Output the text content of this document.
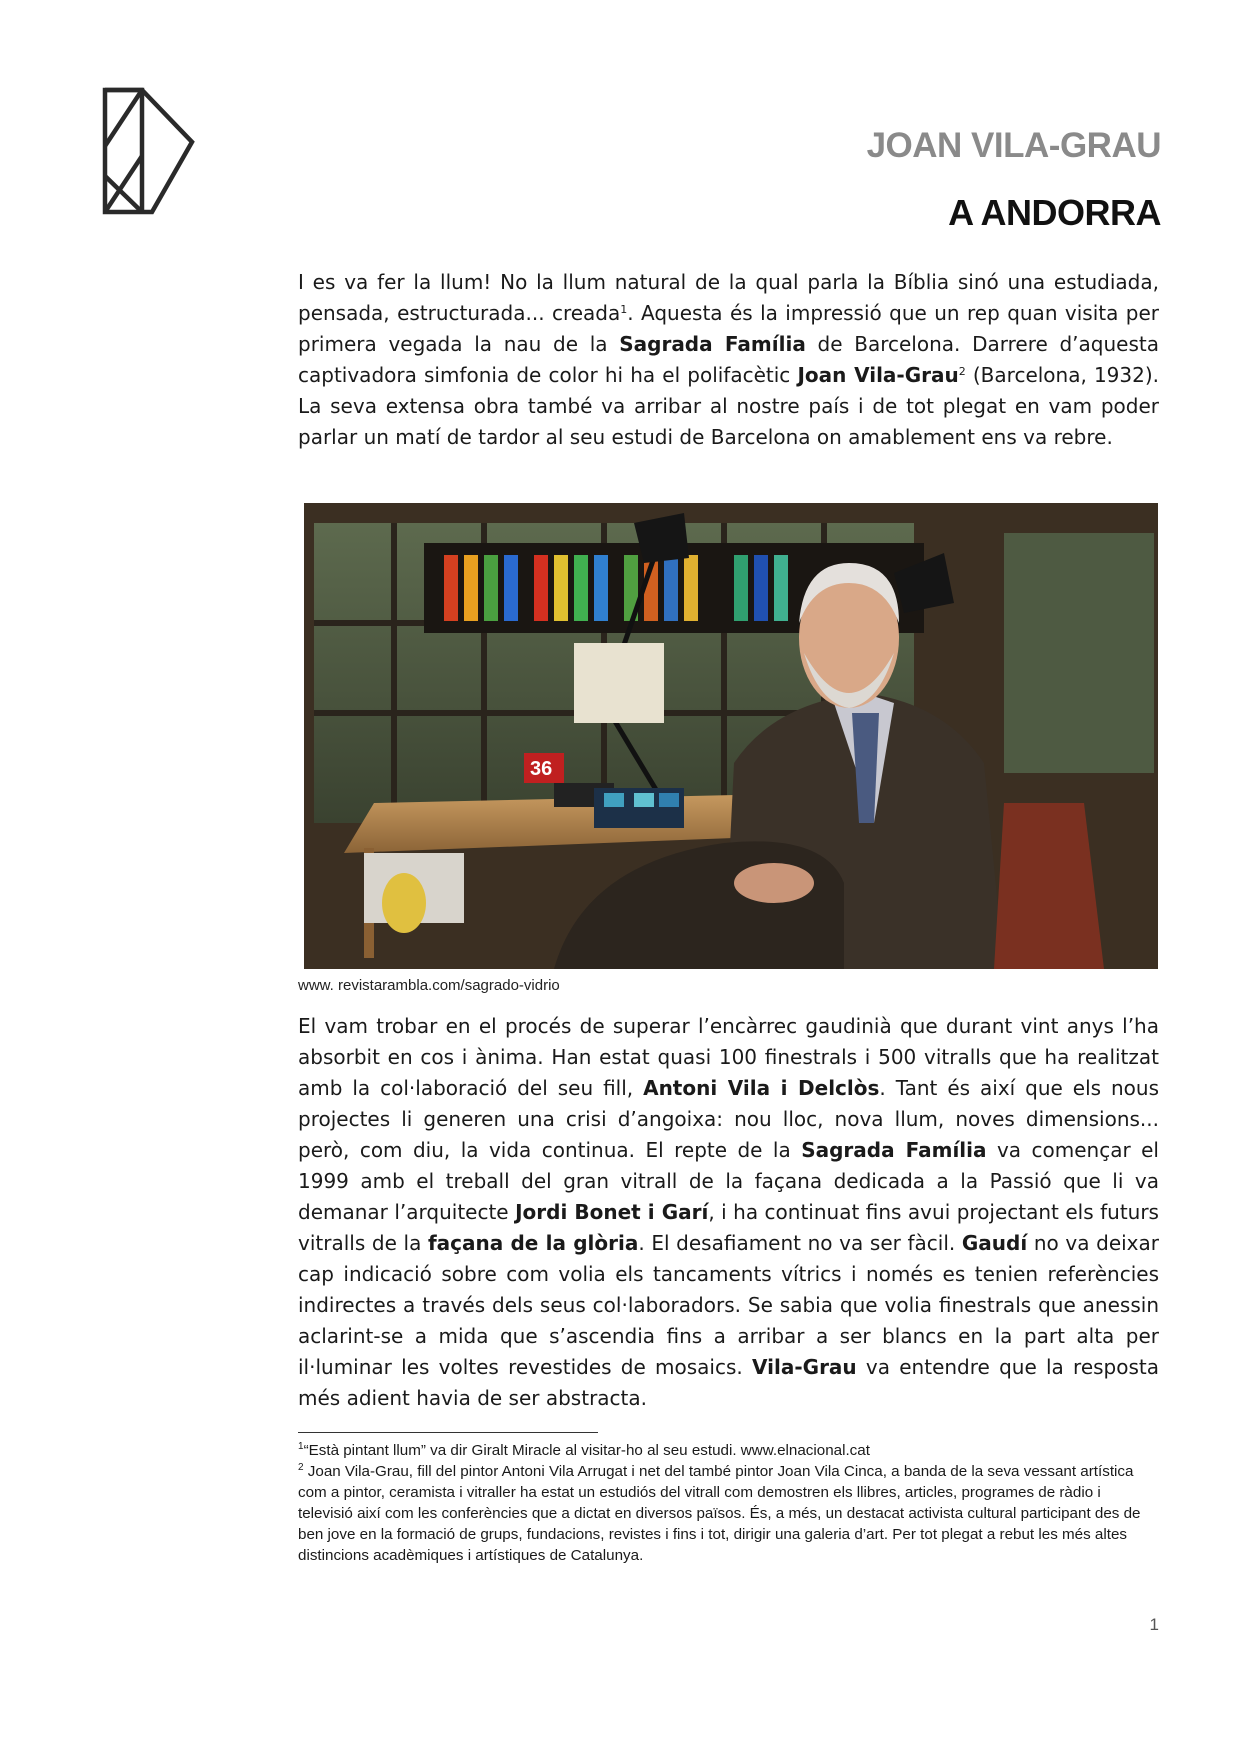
JOAN VILA-GRAU
A ANDORRA

I es va fer la llum! No la llum natural de la qual parla la Bíblia sinó una estudiada, pensada, estructurada... creada$^1$. Aquesta és la impressió que un rep quan visita per primera vegada la nau de la Sagrada Família de Barcelona. Darrere d’aquesta captivadora simfonia de color hi ha el polifacètic Joan Vila-Grau$^2$ (Barcelona, 1932). La seva extensa obra també va arribar al nostre país i de tot plegat en vam poder parlar un matí de tardor al seu estudi de Barcelona on amablement ens va rebre.

36

www. revistarambla.com/sagrado-vidrio

El vam trobar en el procés de superar l’encàrrec gaudinià que durant vint anys l’ha absorbit en cos i ànima. Han estat quasi 100 finestrals i 500 vitralls que ha realitzat amb la col·laboració del seu fill, Antoni Vila i Delclòs. Tant és així que els nous projectes li generen una crisi d’angoixa: nou lloc, nova llum, noves dimensions... però, com diu, la vida continua. El repte de la Sagrada Família va començar el 1999 amb el treball del gran vitrall de la façana dedicada a la Passió que li va demanar l’arquitecte Jordi Bonet i Garí, i ha continuat fins avui projectant els futurs vitralls de la façana de la glòria. El desafiament no va ser fàcil. Gaudí no va deixar cap indicació sobre com volia els tancaments vítrics i només es tenien referències indirectes a través dels seus col·laboradors. Se sabia que volia finestrals que anessin aclarint-se a mida que s’ascendia fins a arribar a ser blancs en la part alta per il·luminar les voltes revestides de mosaics. Vila-Grau va entendre que la resposta més adient havia de ser abstracta.

$^1$“Està pintant llum” va dir Giralt Miracle al visitar-ho al seu estudi. www.elnacional.cat

$^2$ Joan Vila-Grau, fill del pintor Antoni Vila Arrugat i net del també pintor Joan Vila Cinca, a banda de la seva vessant artística com a pintor, ceramista i vitraller ha estat un estudiós del vitrall com demostren els llibres, articles, programes de ràdio i televisió així com les conferències que a dictat en diversos països. És, a més, un destacat activista cultural participant des de ben jove en la formació de grups, fundacions, revistes i fins i tot, dirigir una galeria d’art. Per tot plegat a rebut les més altes distincions acadèmiques i artístiques de Catalunya.

1
